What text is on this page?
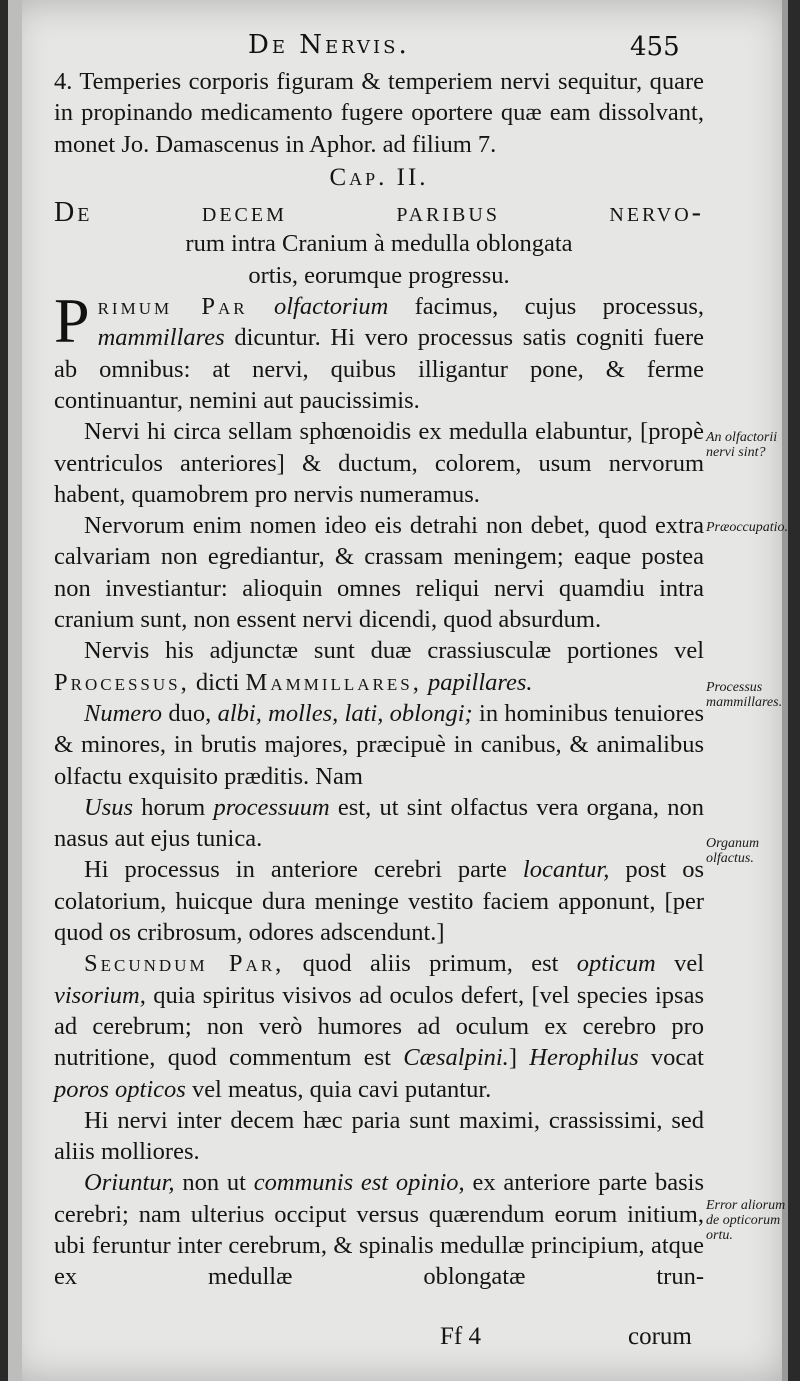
De Nervis.	455

4. Temperies corporis figuram & temperiem nervi sequitur, quare in propinando medicamento fugere oportere quæ eam dissolvant, monet Jo. Damascenus in Aphor. ad filium 7.

Cap. II.

De decem paribus nervo-

rum intra Cranium à medulla oblongata

ortis, eorumque progressu.

Primum Par olfactorium facimus, cujus processus, mammillares dicuntur. Hi vero processus satis cogniti fuere ab omnibus: at nervi, quibus illigantur pone, & ferme continuantur, nemini aut paucissimis.

Nervi hi circa sellam sphœnoidis ex medulla elabuntur, [propè ventriculos anteriores] & ductum, colorem, usum nervorum habent, quamobrem pro nervis numeramus.

Nervorum enim nomen ideo eis detrahi non debet, quod extra calvariam non egrediantur, & crassam meningem; eaque postea non investiantur: alioquin omnes reliqui nervi quamdiu intra cranium sunt, non essent nervi dicendi, quod absurdum.

Nervis his adjunctæ sunt duæ crassiusculæ portiones vel Processus, dicti Mammillares, papillares.

Numero duo, albi, molles, lati, oblongi; in hominibus tenuiores & minores, in brutis majores, præcipuè in canibus, & animalibus olfactu exquisito præditis. Nam

Usus horum processuum est, ut sint olfactus vera organa, non nasus aut ejus tunica.

Hi processus in anteriore cerebri parte locantur, post os colatorium, huicque dura meninge vestito faciem apponunt, [per quod os cribrosum, odores adscendunt.]

Secundum Par, quod aliis primum, est opticum vel visorium, quia spiritus visivos ad oculos defert, [vel species ipsas ad cerebrum; non verò humores ad oculum ex cerebro pro nutritione, quod commentum est Cæsalpini.] Herophilus vocat poros opticos vel meatus, quia cavi putantur.

Hi nervi inter decem hæc paria sunt maximi, crassissimi, sed aliis molliores.

Oriuntur, non ut communis est opinio, ex anteriore parte basis cerebri; nam ulterius occiput versus quærendum eorum initium, ubi feruntur inter cerebrum, & spinalis medullæ principium, atque ex medullæ oblongatæ trun-

An olfactorii nervi sint?
Præoccupatio.
Processus mammillares.
Organum olfactus.
Error aliorum de opticorum ortu.
Ff 4	corum
